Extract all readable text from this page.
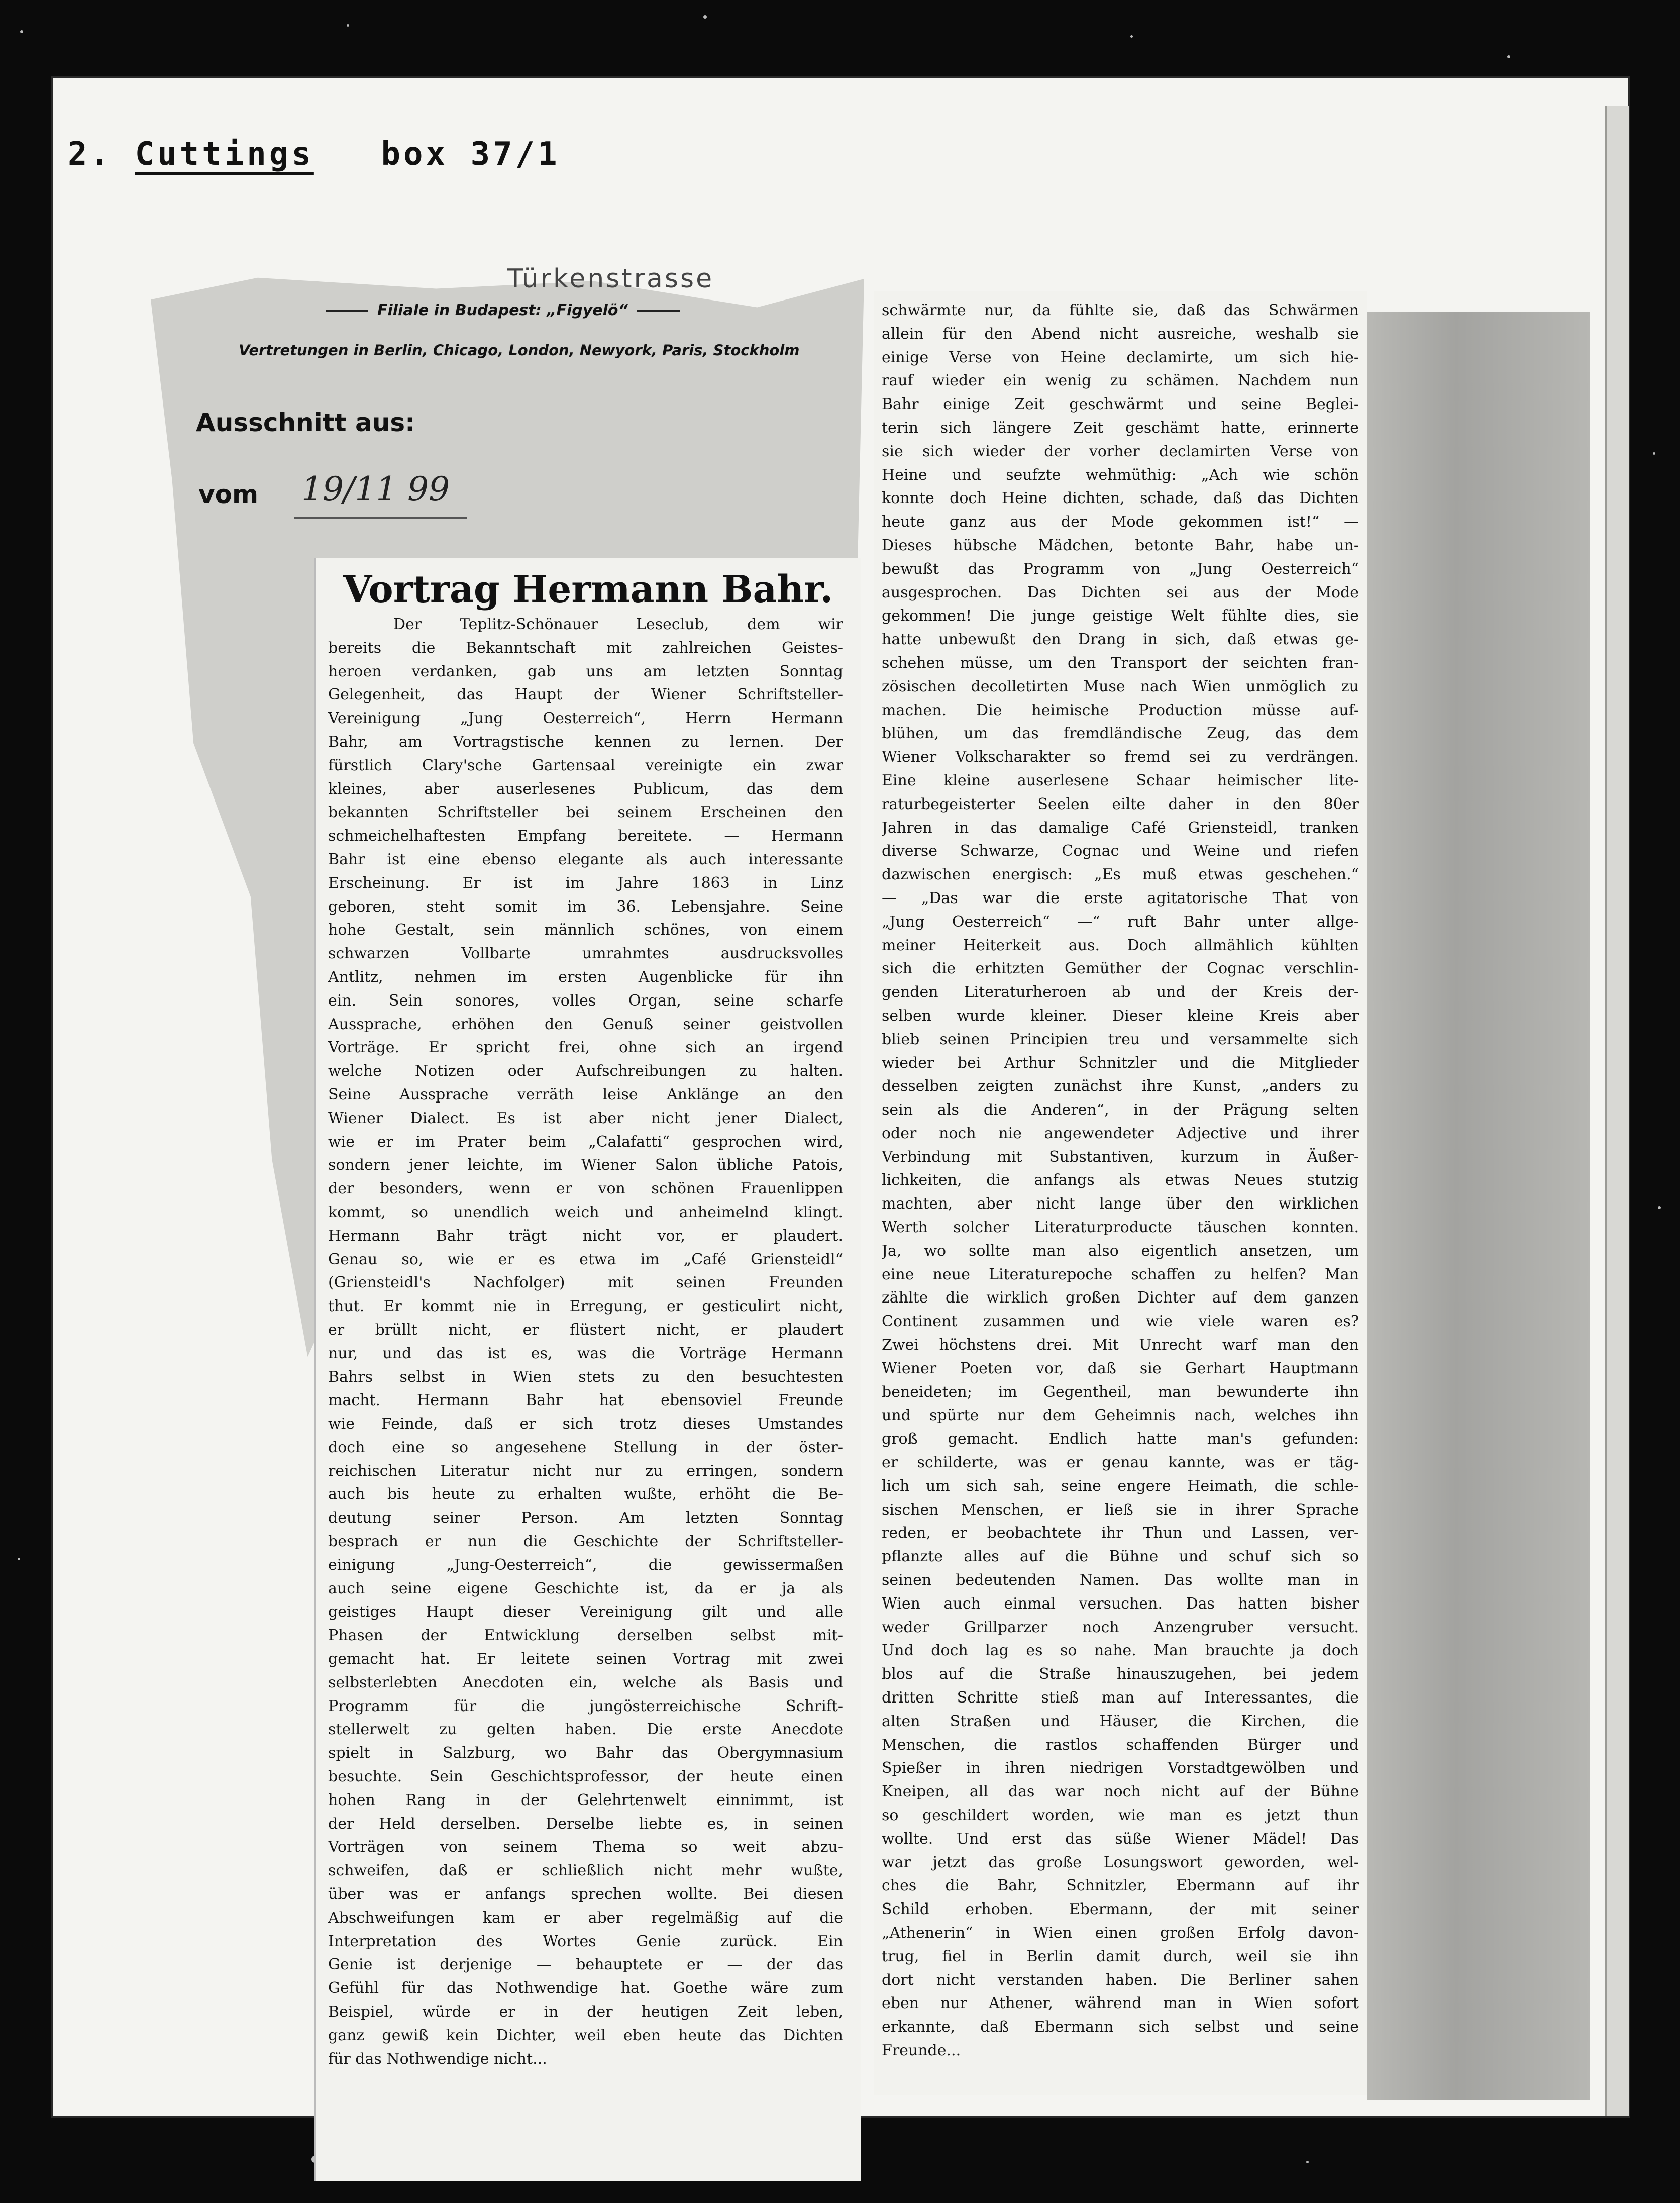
2. Cuttings box 37/1
Türkenstrasse
Filiale in Budapest: „Figyelö“
Vertretungen in Berlin, Chicago, London, Newyork, Paris, Stockholm
Ausschnitt aus:
vom 19/11 99
Vortrag Hermann Bahr.
Der Teplitz-Schönauer Leseclub, dem wir
bereits die Bekanntschaft mit zahlreichen Geistes-
heroen verdanken, gab uns am letzten Sonntag
Gelegenheit, das Haupt der Wiener Schriftsteller-
Vereinigung „Jung Oesterreich“, Herrn Hermann
Bahr, am Vortragstische kennen zu lernen. Der
fürstlich Clary'sche Gartensaal vereinigte ein zwar
kleines, aber auserlesenes Publicum, das dem
bekannten Schriftsteller bei seinem Erscheinen den
schmeichelhaftesten Empfang bereitete. — Hermann
Bahr ist eine ebenso elegante als auch interessante
Erscheinung. Er ist im Jahre 1863 in Linz
geboren, steht somit im 36. Lebensjahre. Seine
hohe Gestalt, sein männlich schönes, von einem
schwarzen Vollbarte umrahmtes ausdrucksvolles
Antlitz, nehmen im ersten Augenblicke für ihn
ein. Sein sonores, volles Organ, seine scharfe
Aussprache, erhöhen den Genuß seiner geistvollen
Vorträge. Er spricht frei, ohne sich an irgend
welche Notizen oder Aufschreibungen zu halten.
Seine Aussprache verräth leise Anklänge an den
Wiener Dialect. Es ist aber nicht jener Dialect,
wie er im Prater beim „Calafatti“ gesprochen wird,
sondern jener leichte, im Wiener Salon übliche Patois,
der besonders, wenn er von schönen Frauenlippen
kommt, so unendlich weich und anheimelnd klingt.
Hermann Bahr trägt nicht vor, er plaudert.
Genau so, wie er es etwa im „Café Griensteidl“
(Griensteidl's Nachfolger) mit seinen Freunden
thut. Er kommt nie in Erregung, er gesticulirt nicht,
er brüllt nicht, er flüstert nicht, er plaudert
nur, und das ist es, was die Vorträge Hermann
Bahrs selbst in Wien stets zu den besuchtesten
macht. Hermann Bahr hat ebensoviel Freunde
wie Feinde, daß er sich trotz dieses Umstandes
doch eine so angesehene Stellung in der öster-
reichischen Literatur nicht nur zu erringen, sondern
auch bis heute zu erhalten wußte, erhöht die Be-
deutung seiner Person. Am letzten Sonntag
besprach er nun die Geschichte der Schriftsteller-
einigung „Jung-Oesterreich“, die gewissermaßen
auch seine eigene Geschichte ist, da er ja als
geistiges Haupt dieser Vereinigung gilt und alle
Phasen der Entwicklung derselben selbst mit-
gemacht hat. Er leitete seinen Vortrag mit zwei
selbsterlebten Anecdoten ein, welche als Basis und
Programm für die jungösterreichische Schrift-
stellerwelt zu gelten haben. Die erste Anecdote
spielt in Salzburg, wo Bahr das Obergymnasium
besuchte. Sein Geschichtsprofessor, der heute einen
hohen Rang in der Gelehrtenwelt einnimmt, ist
der Held derselben. Derselbe liebte es, in seinen
Vorträgen von seinem Thema so weit abzu-
schweifen, daß er schließlich nicht mehr wußte,
über was er anfangs sprechen wollte. Bei diesen
Abschweifungen kam er aber regelmäßig auf die
Interpretation des Wortes Genie zurück. Ein
Genie ist derjenige — behauptete er — der das
Gefühl für das Nothwendige hat. Goethe wäre zum
Beispiel, würde er in der heutigen Zeit leben,
ganz gewiß kein Dichter, weil eben heute das Dichten
für das Nothwendige nicht...
schwärmte nur, da fühlte sie, daß das Schwärmen
allein für den Abend nicht ausreiche, weshalb sie
einige Verse von Heine declamirte, um sich hie-
rauf wieder ein wenig zu schämen. Nachdem nun
Bahr einige Zeit geschwärmt und seine Beglei-
terin sich längere Zeit geschämt hatte, erinnerte
sie sich wieder der vorher declamirten Verse von
Heine und seufzte wehmüthig: „Ach wie schön
konnte doch Heine dichten, schade, daß das Dichten
heute ganz aus der Mode gekommen ist!“ —
Dieses hübsche Mädchen, betonte Bahr, habe un-
bewußt das Programm von „Jung Oesterreich“
ausgesprochen. Das Dichten sei aus der Mode
gekommen! Die junge geistige Welt fühlte dies, sie
hatte unbewußt den Drang in sich, daß etwas ge-
schehen müsse, um den Transport der seichten fran-
zösischen decolletirten Muse nach Wien unmöglich zu
machen. Die heimische Production müsse auf-
blühen, um das fremdländische Zeug, das dem
Wiener Volkscharakter so fremd sei zu verdrängen.
Eine kleine auserlesene Schaar heimischer lite-
raturbegeisterter Seelen eilte daher in den 80er
Jahren in das damalige Café Griensteidl, tranken
diverse Schwarze, Cognac und Weine und riefen
dazwischen energisch: „Es muß etwas geschehen.“
— „Das war die erste agitatorische That von
„Jung Oesterreich“ —“ ruft Bahr unter allge-
meiner Heiterkeit aus. Doch allmählich kühlten
sich die erhitzten Gemüther der Cognac verschlin-
genden Literaturheroen ab und der Kreis der-
selben wurde kleiner. Dieser kleine Kreis aber
blieb seinen Principien treu und versammelte sich
wieder bei Arthur Schnitzler und die Mitglieder
desselben zeigten zunächst ihre Kunst, „anders zu
sein als die Anderen“, in der Prägung selten
oder noch nie angewendeter Adjective und ihrer
Verbindung mit Substantiven, kurzum in Äußer-
lichkeiten, die anfangs als etwas Neues stutzig
machten, aber nicht lange über den wirklichen
Werth solcher Literaturproducte täuschen konnten.
Ja, wo sollte man also eigentlich ansetzen, um
eine neue Literaturepoche schaffen zu helfen? Man
zählte die wirklich großen Dichter auf dem ganzen
Continent zusammen und wie viele waren es?
Zwei höchstens drei. Mit Unrecht warf man den
Wiener Poeten vor, daß sie Gerhart Hauptmann
beneideten; im Gegentheil, man bewunderte ihn
und spürte nur dem Geheimnis nach, welches ihn
groß gemacht. Endlich hatte man's gefunden:
er schilderte, was er genau kannte, was er täg-
lich um sich sah, seine engere Heimath, die schle-
sischen Menschen, er ließ sie in ihrer Sprache
reden, er beobachtete ihr Thun und Lassen, ver-
pflanzte alles auf die Bühne und schuf sich so
seinen bedeutenden Namen. Das wollte man in
Wien auch einmal versuchen. Das hatten bisher
weder Grillparzer noch Anzengruber versucht.
Und doch lag es so nahe. Man brauchte ja doch
blos auf die Straße hinauszugehen, bei jedem
dritten Schritte stieß man auf Interessantes, die
alten Straßen und Häuser, die Kirchen, die
Menschen, die rastlos schaffenden Bürger und
Spießer in ihren niedrigen Vorstadtgewölben und
Kneipen, all das war noch nicht auf der Bühne
so geschildert worden, wie man es jetzt thun
wollte. Und erst das süße Wiener Mädel! Das
war jetzt das große Losungswort geworden, wel-
ches die Bahr, Schnitzler, Ebermann auf ihr
Schild erhoben. Ebermann, der mit seiner
„Athenerin“ in Wien einen großen Erfolg davon-
trug, fiel in Berlin damit durch, weil sie ihn
dort nicht verstanden haben. Die Berliner sahen
eben nur Athener, während man in Wien sofort
erkannte, daß Ebermann sich selbst und seine
Freunde...
